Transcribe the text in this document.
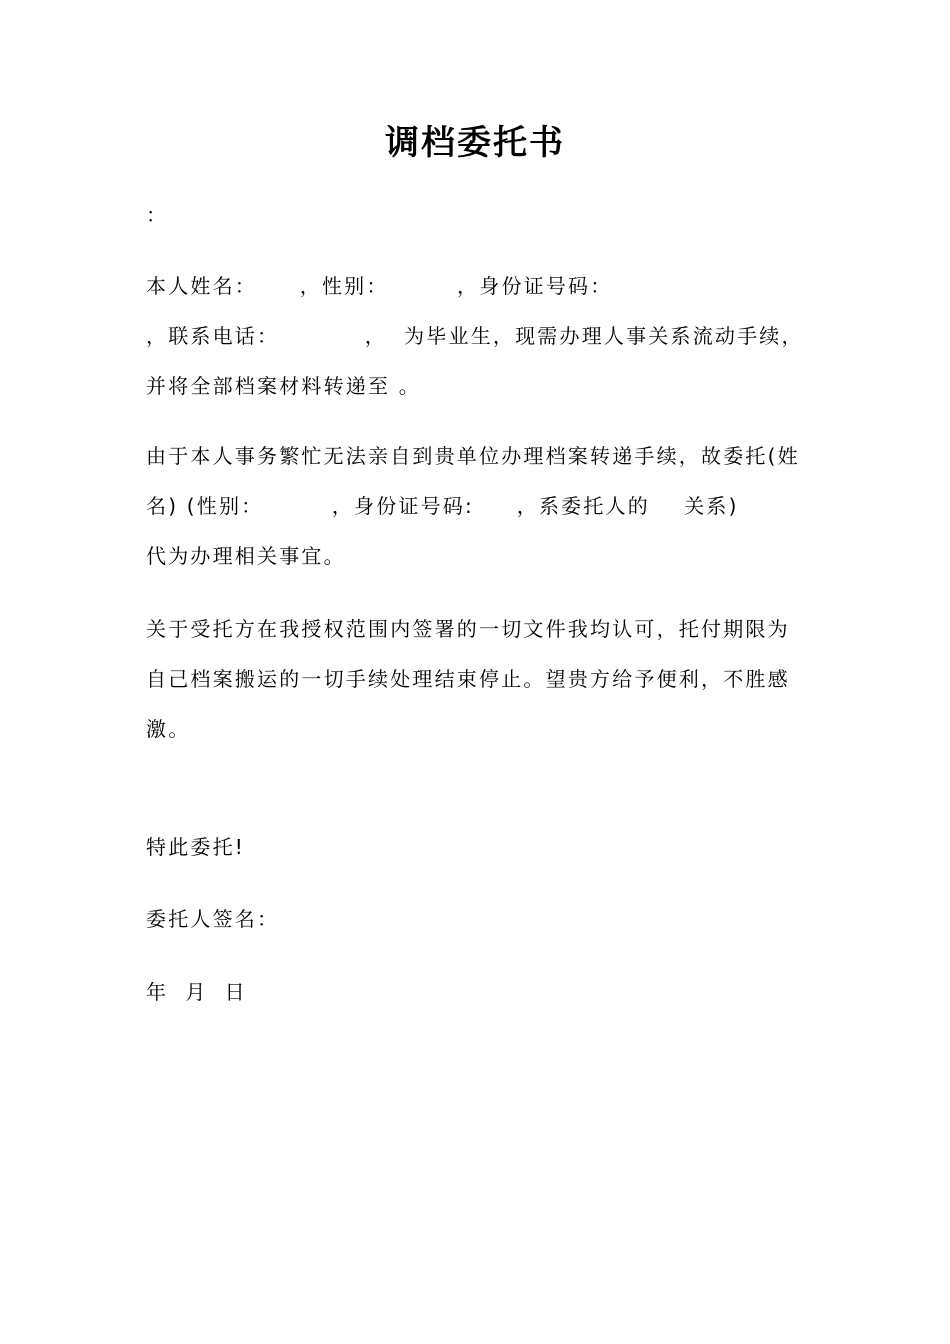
调档委托书
：
本人姓名：     ，性别：        ，身份证号码：
，联系电话：          ，  为毕业生，现需办理人事关系流动手续，
并将全部档案材料转递至 。
由于本人事务繁忙无法亲自到贵单位办理档案转递手续，故委托(姓
名) (性别：        ，身份证号码:     ，系委托人的    关系)
代为办理相关事宜。
关于受托方在我授权范围内签署的一切文件我均认可，托付期限为
自己档案搬运的一切手续处理结束停止。望贵方给予便利，不胜感
激。
特此委托!
委托人签名：
年  月  日
